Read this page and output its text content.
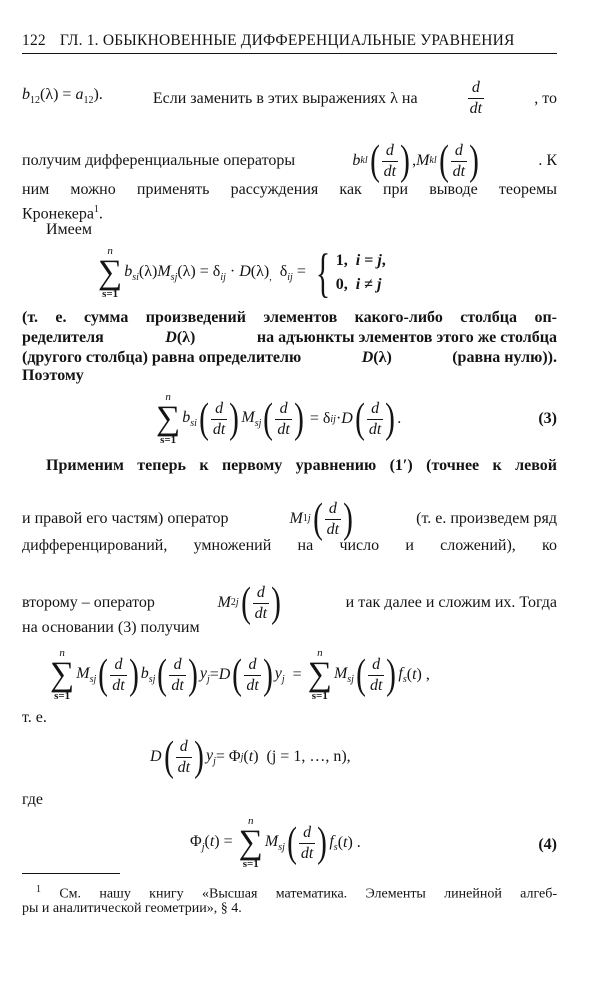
122 ГЛ. 1. ОБЫКНОВЕННЫЕ ДИФФЕРЕНЦИАЛЬНЫЕ УРАВНЕНИЯ
$b_{12}(\lambda) = a_{12}$).	Если заменить в этих выражениях λ на	$\frac{d}{dt}$	, то
получим дифференциальные операторы	b kl ( $\frac{d}{dt}$ ) , M kl ( $\frac{d}{dt}$ )	. К
ним можно применять рассуждения как при выводе теоремы
Кронекера$^1$.
Имеем
n
∑
s=1
$b_{si}(\lambda)M_{sj}(\lambda) = \delta_{ij} \cdot D(\lambda)_,$  $\delta_{ij}$ = { 1,  i = j,
0,  i ≠ j
(т. е. сумма произведений элементов какого-либо столбца оп-
ределителя	D(λ)	на адъюнкты элементов этого же столбца
(другого столбца) равна определителю	D(λ)	(равна нулю)).
Поэтому
n
∑
s=1
$b_{si}$ ( $\frac{d}{dt}$ ) $M_{sj}$ ( $\frac{d}{dt}$ ) = δ ij · D ( $\frac{d}{dt}$ ) .	(3)
Применим теперь к первому уравнению (1′) (точнее к левой
и правой его частям) оператор	M 1j ( $\frac{d}{dt}$ )	(т. е. произведем ряд
дифференцирований, умножений на число и сложений), ко
второму – оператор	M 2j ( $\frac{d}{dt}$ )	и так далее и сложим их. Тогда
на основании (3) получим
n
∑
s=1
$M_{sj}$ ( $\frac{d}{dt}$ ) $b_{sj}$ ( $\frac{d}{dt}$ ) $y_j = D$ ( $\frac{d}{dt}$ ) $y_j$ =
n
∑
s=1
$M_{sj}$ ( $\frac{d}{dt}$ ) $f_s$ ( t ) ,
т. е.
D ( $\frac{d}{dt}$ ) $y_j = \Phi$ j ( t ) (j = 1, …, n),
где
$\Phi_j(t)$ =
n
∑
s=1
$M_{sj}$ ( $\frac{d}{dt}$ ) $f_s$ ( t ) .	(4)
$^1$ См. нашу книгу «Высшая математика. Элементы линейной алгеб-
ры и аналитической геометрии», § 4.
